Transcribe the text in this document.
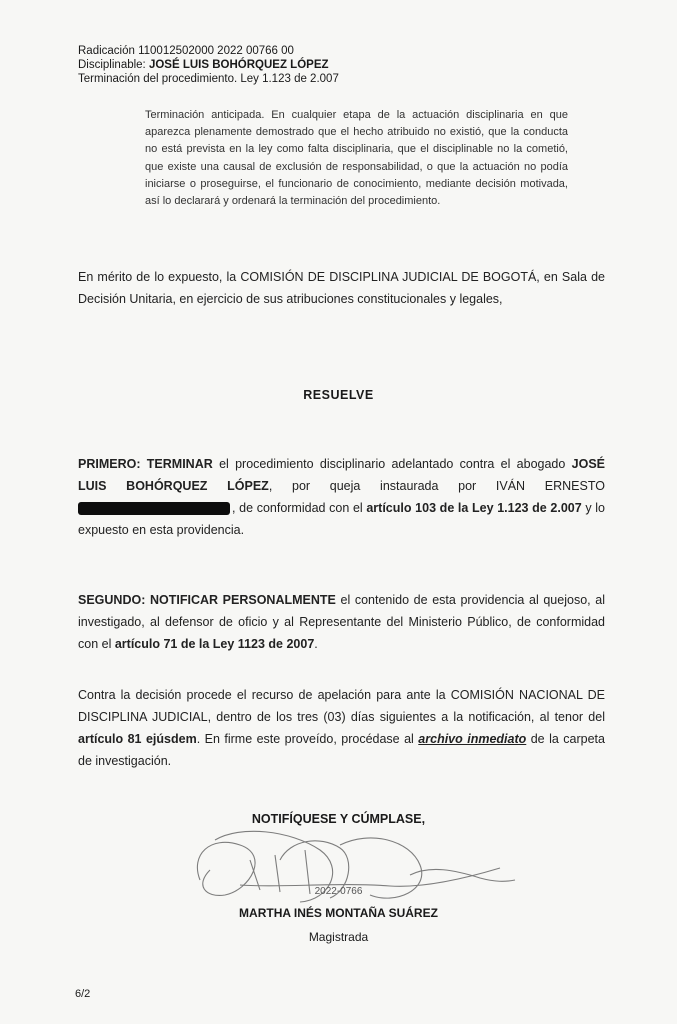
Radicación 110012502000 2022 00766 00
Disciplinable: JOSÉ LUIS BOHÓRQUEZ LÓPEZ
Terminación del procedimiento. Ley 1.123 de 2.007
Terminación anticipada. En cualquier etapa de la actuación disciplinaria en que aparezca plenamente demostrado que el hecho atribuido no existió, que la conducta no está prevista en la ley como falta disciplinaria, que el disciplinable no la cometió, que existe una causal de exclusión de responsabilidad, o que la actuación no podía iniciarse o proseguirse, el funcionario de conocimiento, mediante decisión motivada, así lo declarará y ordenará la terminación del procedimiento.
En mérito de lo expuesto, la COMISIÓN DE DISCIPLINA JUDICIAL DE BOGOTÁ, en Sala de Decisión Unitaria, en ejercicio de sus atribuciones constitucionales y legales,
RESUELVE
PRIMERO: TERMINAR el procedimiento disciplinario adelantado contra el abogado JOSÉ LUIS BOHÓRQUEZ LÓPEZ, por queja instaurada por IVÁN ERNESTO , de conformidad con el artículo 103 de la Ley 1.123 de 2.007 y lo expuesto en esta providencia.
SEGUNDO: NOTIFICAR PERSONALMENTE el contenido de esta providencia al quejoso, al investigado, al defensor de oficio y al Representante del Ministerio Público, de conformidad con el artículo 71 de la Ley 1123 de 2007.
Contra la decisión procede el recurso de apelación para ante la COMISIÓN NACIONAL DE DISCIPLINA JUDICIAL, dentro de los tres (03) días siguientes a la notificación, al tenor del artículo 81 ejúsdem. En firme este proveído, procédase al archivo inmediato de la carpeta de investigación.
NOTIFÍQUESE Y CÚMPLASE,
2022-0766
MARTHA INÉS MONTAÑA SUÁREZ
Magistrada
6/2
